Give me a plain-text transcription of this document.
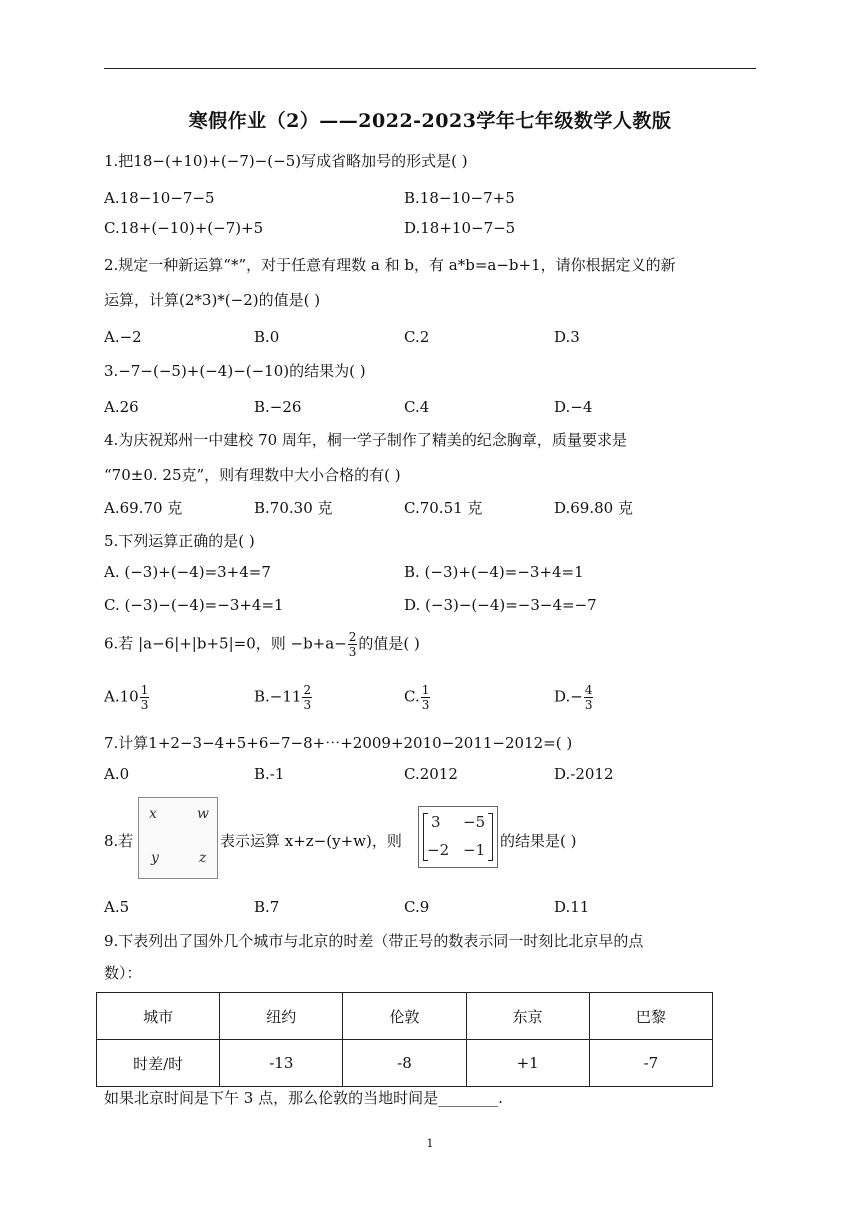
寒假作业（2）——2022-2023学年七年级数学人教版
1.把18−(+10)+(−7)−(−5)写成省略加号的形式是( )
A.18−10−7−5	B.18−10−7+5
C.18+(−10)+(−7)+5	D.18+10−7−5
2.规定一种新运算“*”，对于任意有理数 a 和 b，有 a*b=a−b+1，请你根据定义的新
运算，计算(2*3)*(−2)的值是( )
A.−2	B.0	C.2	D.3
3.−7−(−5)+(−4)−(−10)的结果为( )
A.26	B.−26	C.4	D.−4
4.为庆祝郑州一中建校 70 周年，桐一学子制作了精美的纪念胸章，质量要求是
“70±0. 25克”，则有理数中大小合格的有( )
A.69.70 克	B.70.30 克	C.70.51 克	D.69.80 克
5.下列运算正确的是( )
A. (−3)+(−4)=3+4=7	B. (−3)+(−4)=−3+4=1
C. (−3)−(−4)=−3+4=1	D. (−3)−(−4)=−3−4=−7
6.若 |a−6|+|b+5|=0，则 $-b+a- \frac{2}{3}$ 的值是( )
$A.10 \frac{1}{3}$	$B.-11 \frac{2}{3}$	C. $\frac{1}{3}$	$D.- \frac{4}{3}$
7.计算1+2−3−4+5+6−7−8+⋯+2009+2010−2011−2012=( )
A.0	B.-1	C.2012	D.-2012
8.若
x	w
y	z
表示运算 x+z−(y+w)，则
3 −5
−2 −1 的结果是( )
A.5	B.7	C.9	D.11
9.下表列出了国外几个城市与北京的时差（带正号的数表示同一时刻比北京早的点
数）：
城市	纽约	伦敦	东京	巴黎
时差/时	-13	-8	+1	-7
如果北京时间是下午 3 点，那么伦敦的当地时间是________.
1
